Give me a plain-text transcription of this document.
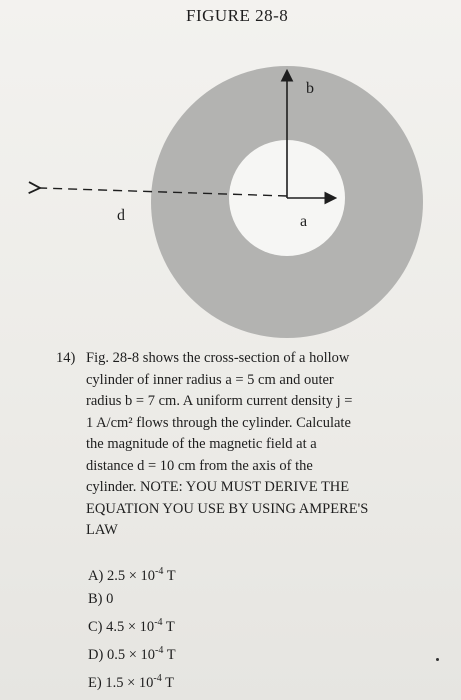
FIGURE 28-8
b
a
d
14) Fig. 28-8 shows the cross-section of a hollow
cylinder of inner radius a = 5 cm and outer
radius b = 7 cm. A uniform current density j =
1 A/cm² flows through the cylinder. Calculate
the magnitude of the magnetic field at a
distance d = 10 cm from the axis of the
cylinder. NOTE: YOU MUST DERIVE THE
EQUATION YOU USE BY USING AMPERE'S
LAW
A) $2.5 \times 10^{-4}$ T
B) 0
C) $4.5 \times 10^{-4}$ T
D) $0.5 \times 10^{-4}$ T
E) $1.5 \times 10^{-4}$ T
